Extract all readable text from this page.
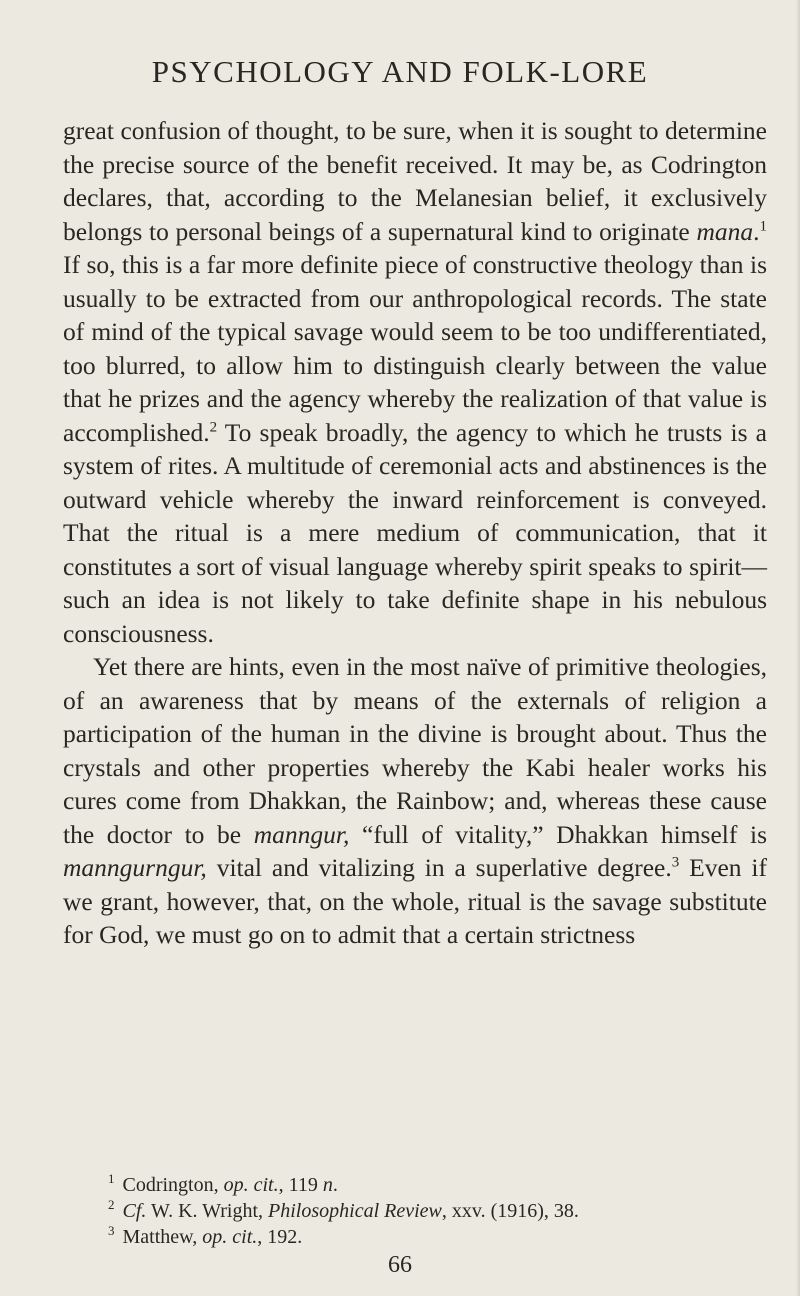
PSYCHOLOGY AND FOLK-LORE

great confusion of thought, to be sure, when it is sought to determine the precise source of the benefit received. It may be, as Codrington declares, that, according to the Melanesian belief, it exclusively belongs to personal beings of a supernatural kind to originate mana.$^1$ If so, this is a far more definite piece of constructive theology than is usually to be extracted from our anthropological records. The state of mind of the typical savage would seem to be too undifferentiated, too blurred, to allow him to distinguish clearly between the value that he prizes and the agency whereby the realization of that value is accomplished.$^2$ To speak broadly, the agency to which he trusts is a system of rites. A multitude of ceremonial acts and abstinences is the outward vehicle whereby the inward reinforcement is conveyed. That the ritual is a mere medium of communication, that it constitutes a sort of visual language whereby spirit speaks to spirit—such an idea is not likely to take definite shape in his nebulous consciousness.

Yet there are hints, even in the most naïve of primitive theologies, of an awareness that by means of the externals of religion a participation of the human in the divine is brought about. Thus the crystals and other properties whereby the Kabi healer works his cures come from Dhakkan, the Rainbow; and, whereas these cause the doctor to be manngur, “full of vitality,” Dhakkan himself is manngurngur, vital and vitalizing in a superlative degree.$^3$ Even if we grant, however, that, on the whole, ritual is the savage substitute for God, we must go on to admit that a certain strictness

$^1$ Codrington, op. cit., 119 n.
$^2$ Cf. W. K. Wright, Philosophical Review, xxv. (1916), 38.
$^3$ Matthew, op. cit., 192.
66
